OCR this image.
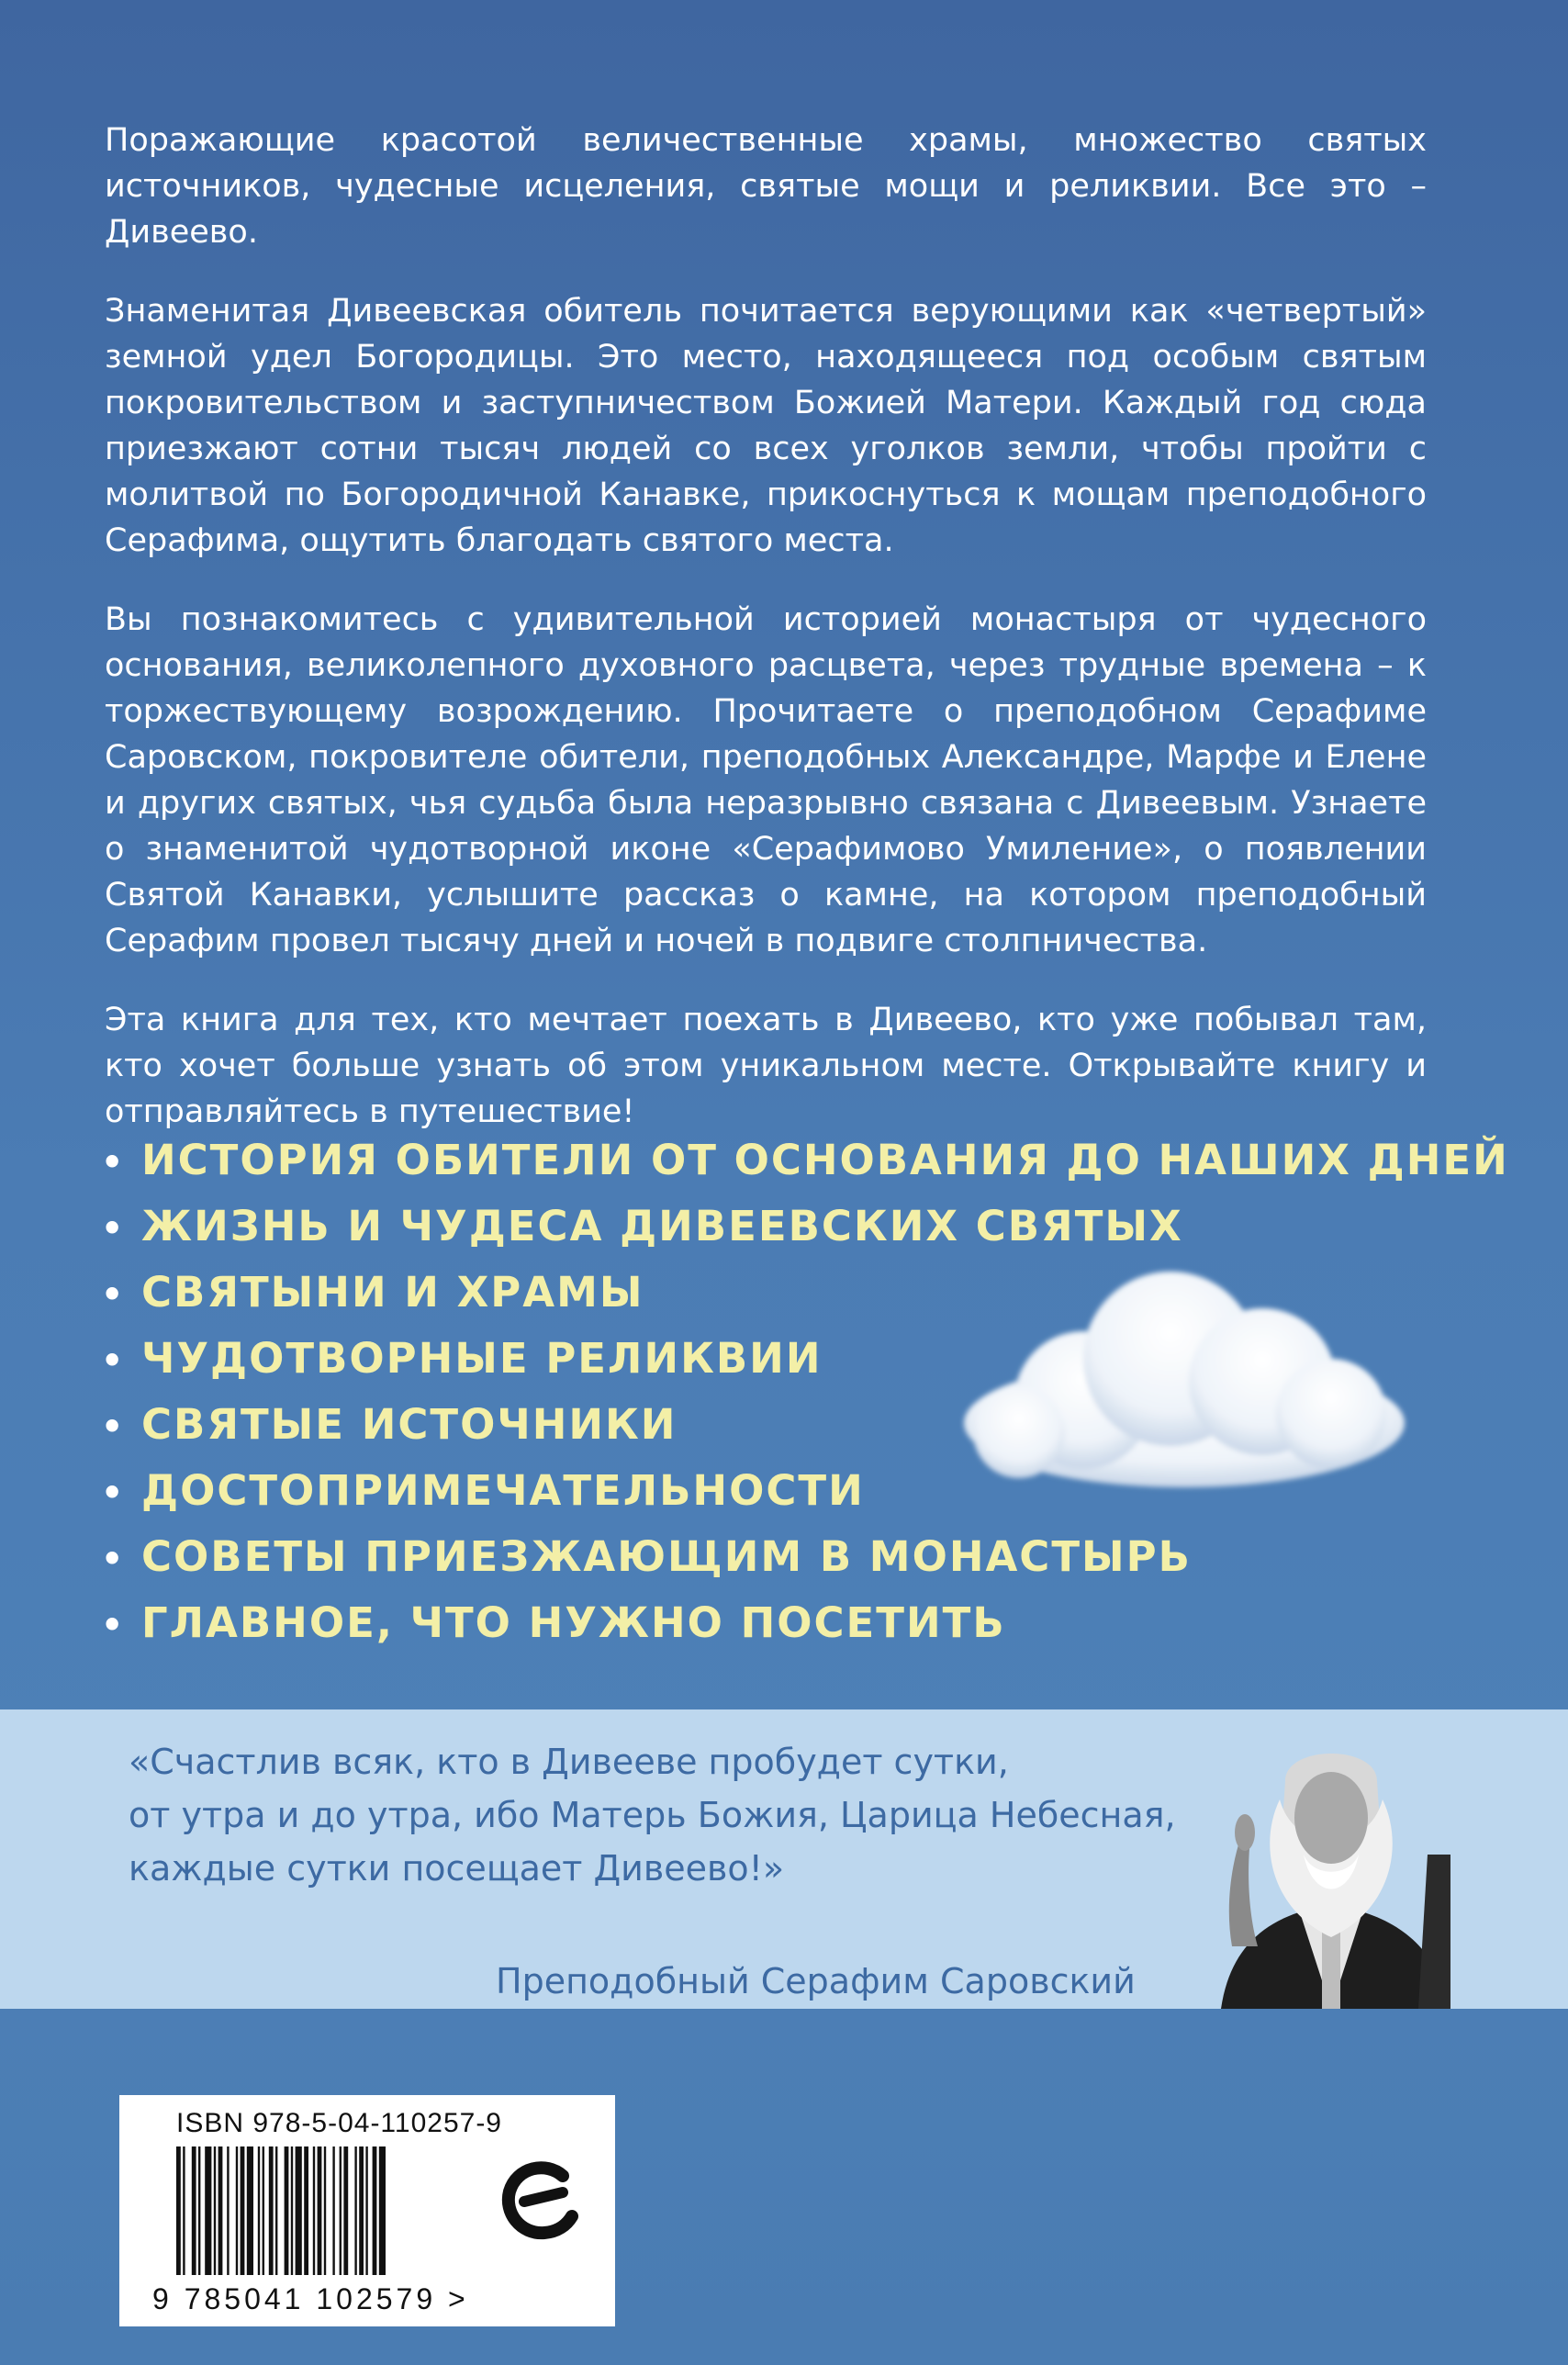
Поражающие красотой величественные храмы, множество святых источников, чудесные исцеления, святые мощи и реликвии. Все это – Дивеево.

Знаменитая Дивеевская обитель почитается верующими как «четвертый» земной удел Богородицы. Это место, находящееся под особым святым покровительством и заступничеством Божией Матери. Каждый год сюда приезжают сотни тысяч людей со всех уголков земли, чтобы пройти с молитвой по Богородичной Канавке, прикоснуться к мощам преподобного Серафима, ощутить благодать святого места.

Вы познакомитесь с удивительной историей монастыря от чудесного основания, великолепного духовного расцвета, через трудные времена – к торжествующему возрождению. Прочитаете о преподобном Серафиме Саровском, покровителе обители, преподобных Александре, Марфе и Елене и других святых, чья судьба была неразрывно связана с Дивеевым. Узнаете о знаменитой чудотворной иконе «Серафимово Умиление», о появлении Святой Канавки, услышите рассказ о камне, на котором преподобный Серафим провел тысячу дней и ночей в подвиге столпничества.

Эта книга для тех, кто мечтает поехать в Дивеево, кто уже побывал там, кто хочет больше узнать об этом уникальном месте. Открывайте книгу и отправляйтесь в путешествие!

• ИСТОРИЯ ОБИТЕЛИ ОТ ОСНОВАНИЯ ДО НАШИХ ДНЕЙ
• ЖИЗНЬ И ЧУДЕСА ДИВЕЕВСКИХ СВЯТЫХ
• СВЯТЫНИ И ХРАМЫ
• ЧУДОТВОРНЫЕ РЕЛИКВИИ
• СВЯТЫЕ ИСТОЧНИКИ
• ДОСТОПРИМЕЧАТЕЛЬНОСТИ
• СОВЕТЫ ПРИЕЗЖАЮЩИМ В МОНАСТЫРЬ
• ГЛАВНОЕ, ЧТО НУЖНО ПОСЕТИТЬ
«Счастлив всяк, кто в Дивееве пробудет сутки,
от утра и до утра, ибо Матерь Божия, Царица Небесная,
каждые сутки посещает Дивеево!»
Преподобный Серафим Саровский
ISBN 978-5-04-110257-9
9 785041 102579 >
